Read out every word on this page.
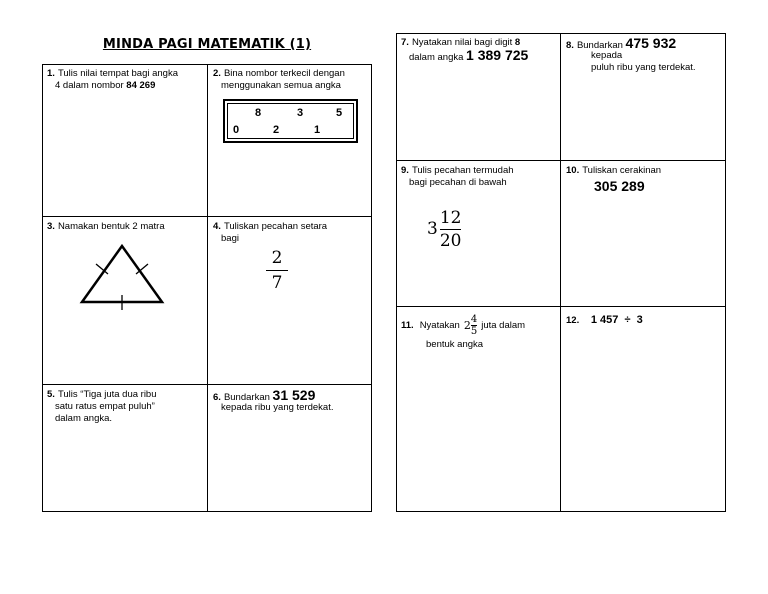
MINDA PAGI MATEMATIK (1)
1. Tulis nilai tempat bagi angka
4 dalam nombor 84 269
2. Bina nombor terkecil dengan
menggunakan semua angka
8	3	5
0	2	1
3. Namakan bentuk 2 matra	4. Tuliskan pecahan setara
bagi
2
7
5. Tulis “Tiga juta dua ribu
satu ratus empat puluh”
dalam angka.
6. Bundarkan 31 529
kepada ribu yang terdekat.
7. Nyatakan nilai bagi digit 8
dalam angka 1 389 725
8. Bundarkan 475 932
kepada
puluh ribu yang terdekat.
9. Tulis pecahan termudah
bagi pecahan di bawah
3
12
20
10. Tuliskan cerakinan
305 289
11. Nyatakan 2 4
5
juta dalam
bentuk angka
12. 1 457  ÷  3
